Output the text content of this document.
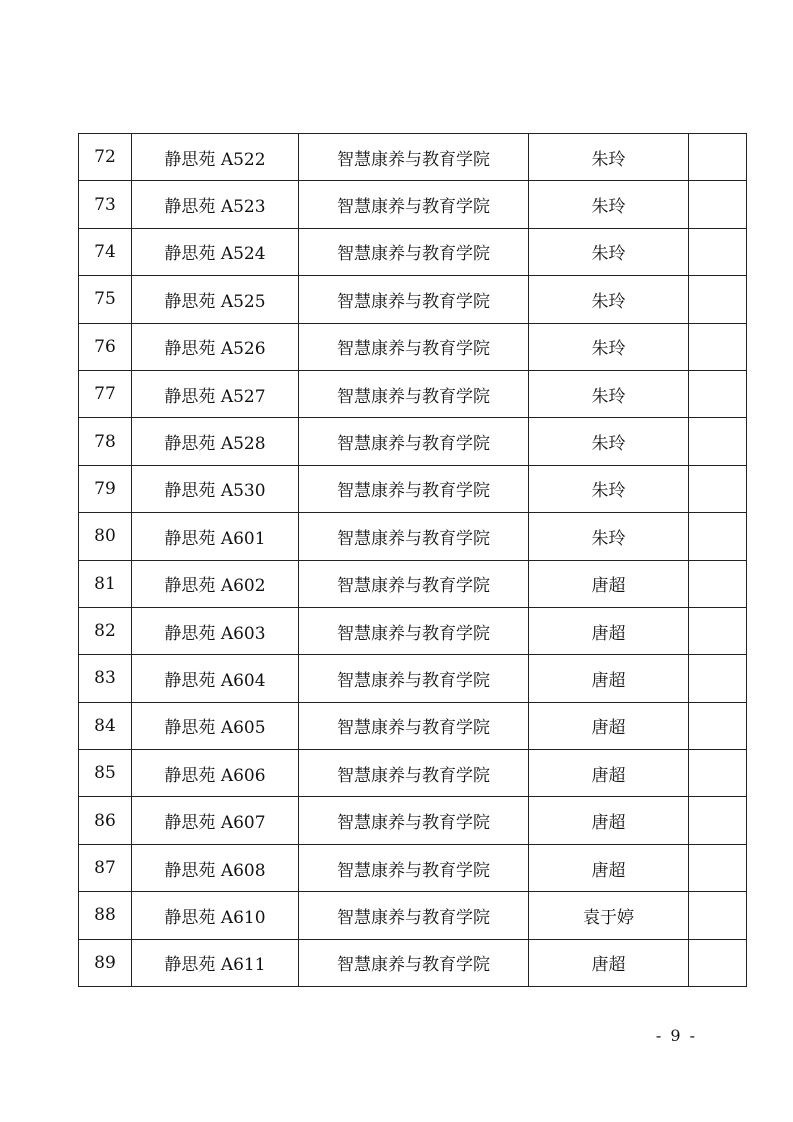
72	静思苑 A522	智慧康养与教育学院	朱玲	
73	静思苑 A523	智慧康养与教育学院	朱玲	
74	静思苑 A524	智慧康养与教育学院	朱玲	
75	静思苑 A525	智慧康养与教育学院	朱玲	
76	静思苑 A526	智慧康养与教育学院	朱玲	
77	静思苑 A527	智慧康养与教育学院	朱玲	
78	静思苑 A528	智慧康养与教育学院	朱玲	
79	静思苑 A530	智慧康养与教育学院	朱玲	
80	静思苑 A601	智慧康养与教育学院	朱玲	
81	静思苑 A602	智慧康养与教育学院	唐超	
82	静思苑 A603	智慧康养与教育学院	唐超	
83	静思苑 A604	智慧康养与教育学院	唐超	
84	静思苑 A605	智慧康养与教育学院	唐超	
85	静思苑 A606	智慧康养与教育学院	唐超	
86	静思苑 A607	智慧康养与教育学院	唐超	
87	静思苑 A608	智慧康养与教育学院	唐超	
88	静思苑 A610	智慧康养与教育学院	袁于婷	
89	静思苑 A611	智慧康养与教育学院	唐超	
- 9 -
